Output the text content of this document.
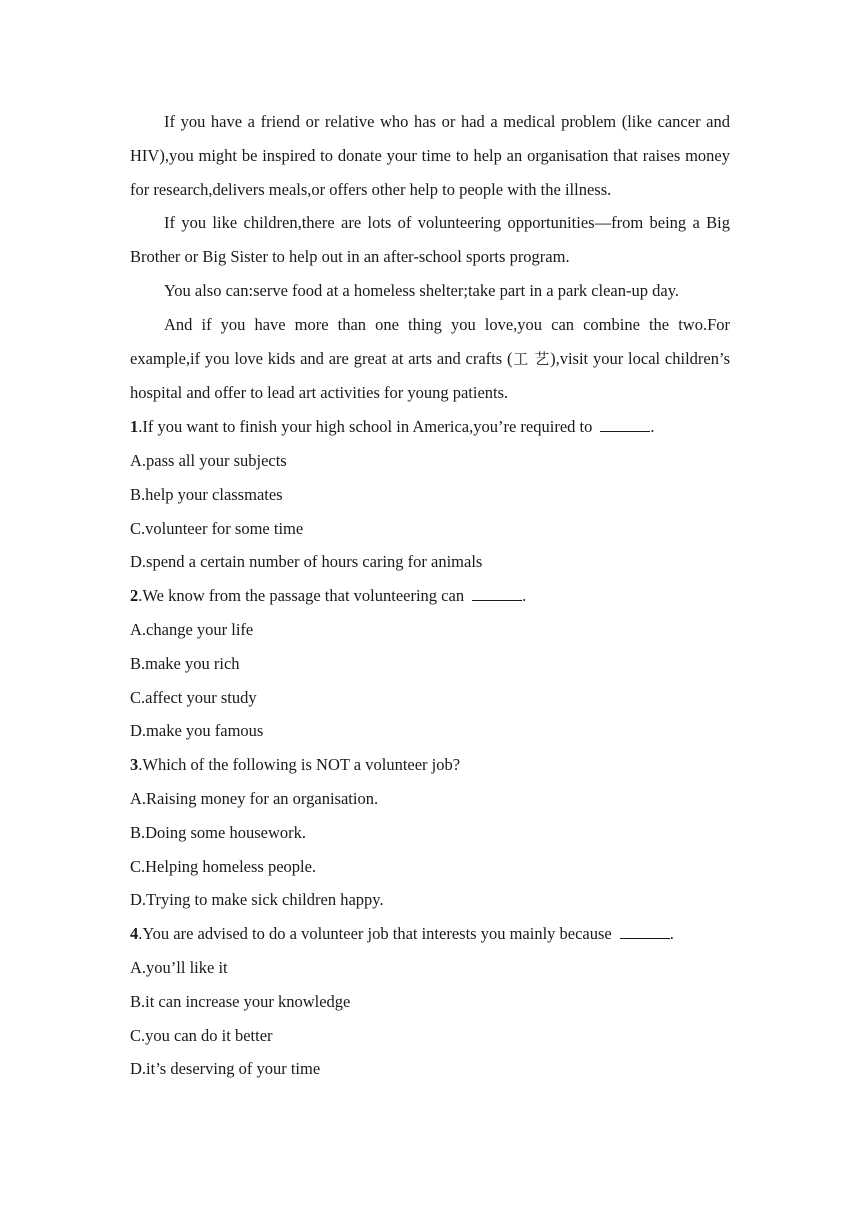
If you have a friend or relative who has or had a medical problem (like cancer and HIV),you might be inspired to donate your time to help an organisation that raises money for research,delivers meals,or offers other help to people with the illness.

If you like children,there are lots of volunteering opportunities—from being a Big Brother or Big Sister to help out in an after-school sports program.

You also can:serve food at a homeless shelter;take part in a park clean-up day.

And if you have more than one thing you love,you can combine the two.For example,if you love kids and are great at arts and crafts (工 艺),visit your local children’s hospital and offer to lead art activities for young patients.

1.If you want to finish your high school in America,you’re required to	.

A.pass all your subjects

B.help your classmates

C.volunteer for some time

D.spend a certain number of hours caring for animals

2.We know from the passage that volunteering can	.

A.change your life

B.make you rich

C.affect your study

D.make you famous

3.Which of the following is NOT a volunteer job?

A.Raising money for an organisation.

B.Doing some housework.

C.Helping homeless people.

D.Trying to make sick children happy.

4.You are advised to do a volunteer job that interests you mainly because	.

A.you’ll like it

B.it can increase your knowledge

C.you can do it better

D.it’s deserving of your time
